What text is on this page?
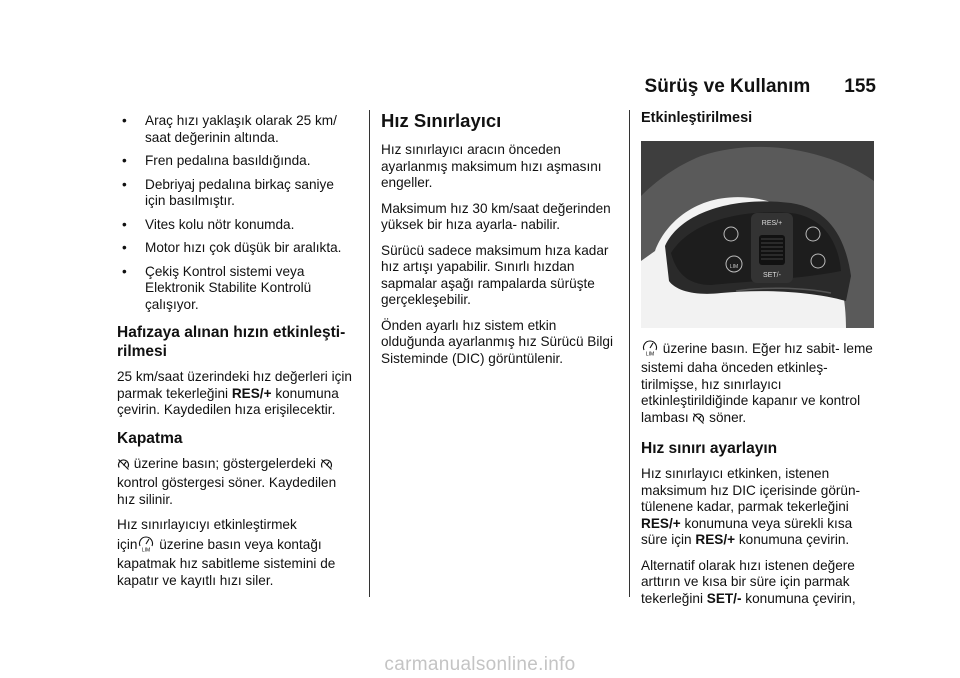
Sürüş ve Kullanım 155
• Araç hızı yaklaşık olarak 25 km/ saat değerinin altında.
• Fren pedalına basıldığında.
• Debriyaj pedalına birkaç saniye için basılmıştır.
• Vites kolu nötr konumda.
• Motor hızı çok düşük bir aralıkta.
• Çekiş Kontrol sistemi veya Elektronik Stabilite Kontrolü çalışıyor.
Hafızaya alınan hızın etkinleşti- rilmesi

25 km/saat üzerindeki hız değerleri için parmak tekerleğini RES/+ konumuna çevirin. Kaydedilen hıza erişilecektir.

Kapatma

üzerine basın; göstergelerdeki  kontrol göstergesi söner. Kaydedilen hız silinir.

Hız sınırlayıcıyı etkinleştirmek
için LIM üzerine basın veya kontağı kapatmak hız sabitleme sistemini de kapatır ve kayıtlı hızı siler.

Hız Sınırlayıcı

Hız sınırlayıcı aracın önceden ayarlanmış maksimum hızı aşmasını engeller.

Maksimum hız 30 km/saat değerinden yüksek bir hıza ayarla- nabilir.

Sürücü sadece maksimum hıza kadar hız artışı yapabilir. Sınırlı hızdan sapmalar aşağı rampalarda sürüşte gerçekleşebilir.

Önden ayarlı hız sistem etkin olduğunda ayarlanmış hız Sürücü Bilgi Sisteminde (DIC) görüntülenir.

Etkinleştirilmesi
RES/+
SET/-
LIM

LIM üzerine basın. Eğer hız sabit- leme sistemi daha önceden etkinleş- tirilmişse, hız sınırlayıcı etkinleştirildiğinde kapanır ve kontrol lambası söner.

Hız sınırı ayarlayın

Hız sınırlayıcı etkinken, istenen maksimum hız DIC içerisinde görün- tülenene kadar, parmak tekerleğini RES/+ konumuna veya sürekli kısa süre için RES/+ konumuna çevirin.

Alternatif olarak hızı istenen değere arttırın ve kısa bir süre için parmak tekerleğini SET/- konumuna çevirin,

carmanualsonline.info
